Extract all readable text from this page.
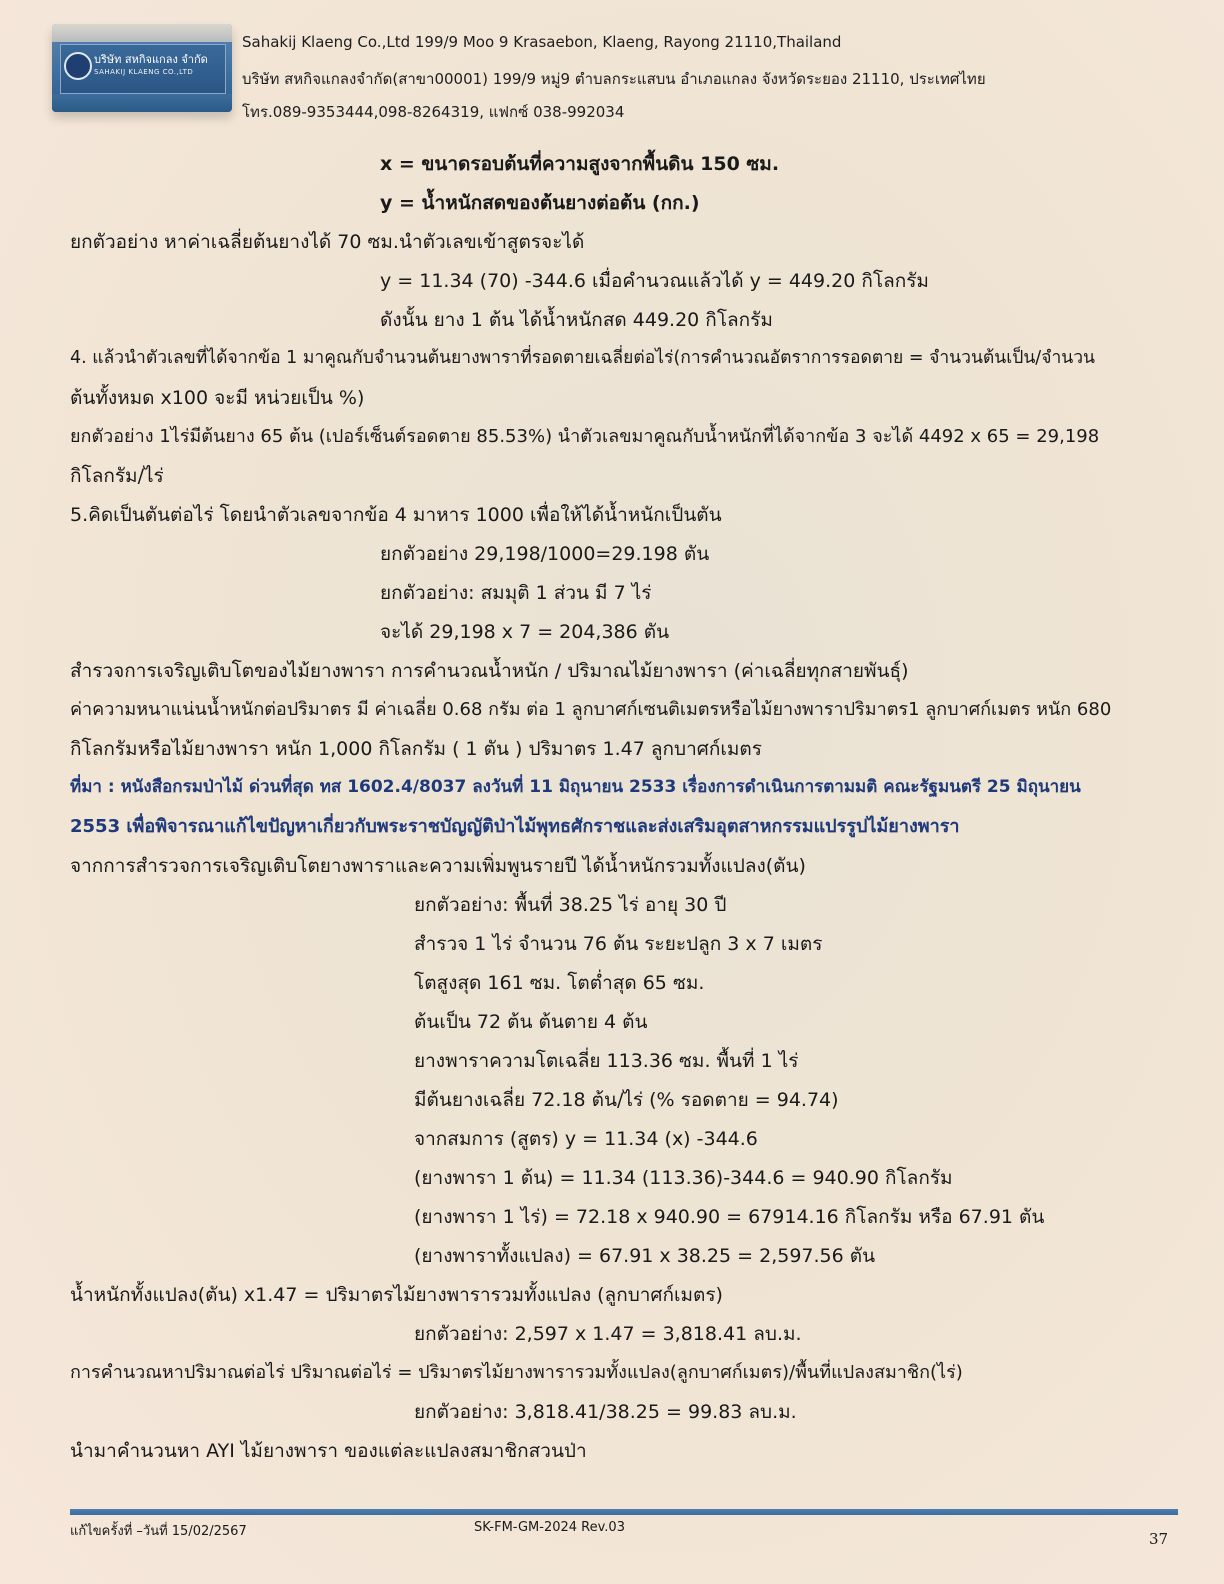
บริษัท สหกิจแกลง จำกัด
SAHAKIJ KLAENG CO.,LTD
Sahakij Klaeng Co.,Ltd 199/9 Moo 9 Krasaebon, Klaeng, Rayong 21110,Thailand
บริษัท สหกิจแกลงจำกัด(สาขา00001) 199/9 หมู่9 ตำบลกระแสบน อำเภอแกลง จังหวัดระยอง 21110, ประเทศไทย
โทร.089-9353444,098-8264319, แฟกซ์ 038-992034
x = ขนาดรอบต้นที่ความสูงจากพื้นดิน 150 ซม.
y = น้ำหนักสดของต้นยางต่อต้น (กก.)
ยกตัวอย่าง หาค่าเฉลี่ยต้นยางได้ 70 ซม.นำตัวเลขเข้าสูตรจะได้
y = 11.34 (70) -344.6 เมื่อคำนวณแล้วได้ y = 449.20 กิโลกรัม
ดังนั้น ยาง 1 ต้น ได้น้ำหนักสด 449.20 กิโลกรัม
4. แล้วนำตัวเลขที่ได้จากข้อ 1 มาคูณกับจำนวนต้นยางพาราที่รอดตายเฉลี่ยต่อไร่(การคำนวณอัตราการรอดตาย = จำนวนต้นเป็น/จำนวน
ต้นทั้งหมด x100 จะมี หน่วยเป็น %)
ยกตัวอย่าง 1ไร่มีต้นยาง 65 ต้น (เปอร์เซ็นต์รอดตาย 85.53%) นำตัวเลขมาคูณกับน้ำหนักที่ได้จากข้อ 3 จะได้ 4492 x 65 = 29,198
กิโลกรัม/ไร่
5.คิดเป็นตันต่อไร่ โดยนำตัวเลขจากข้อ 4 มาหาร 1000 เพื่อให้ได้น้ำหนักเป็นตัน
ยกตัวอย่าง 29,198/1000=29.198 ตัน
ยกตัวอย่าง: สมมุติ 1 ส่วน มี 7 ไร่
จะได้ 29,198 x 7 = 204,386 ตัน
สำรวจการเจริญเติบโตของไม้ยางพารา การคำนวณน้ำหนัก / ปริมาณไม้ยางพารา (ค่าเฉลี่ยทุกสายพันธุ์)
ค่าความหนาแน่นน้ำหนักต่อปริมาตร มี ค่าเฉลี่ย 0.68 กรัม ต่อ 1 ลูกบาศก์เซนติเมตรหรือไม้ยางพาราปริมาตร1 ลูกบาศก์เมตร หนัก 680
กิโลกรัมหรือไม้ยางพารา หนัก 1,000 กิโลกรัม ( 1 ตัน ) ปริมาตร 1.47 ลูกบาศก์เมตร
ที่มา : หนังสือกรมป่าไม้ ด่วนที่สุด ทส 1602.4/8037 ลงวันที่ 11 มิถุนายน 2533 เรื่องการดำเนินการตามมติ คณะรัฐมนตรี 25 มิถุนายน
2553 เพื่อพิจารณาแก้ไขปัญหาเกี่ยวกับพระราชบัญญัติป่าไม้พุทธศักราชและส่งเสริมอุตสาหกรรมแปรรูปไม้ยางพารา
จากการสำรวจการเจริญเติบโตยางพาราและความเพิ่มพูนรายปี ได้น้ำหนักรวมทั้งแปลง(ตัน)
ยกตัวอย่าง: พื้นที่ 38.25 ไร่ อายุ 30 ปี
สำรวจ 1 ไร่ จำนวน 76 ต้น ระยะปลูก 3 x 7 เมตร
โตสูงสุด 161 ซม. โตต่ำสุด 65 ซม.
ต้นเป็น 72 ต้น ต้นตาย 4 ต้น
ยางพาราความโตเฉลี่ย 113.36 ซม. พื้นที่ 1 ไร่
มีต้นยางเฉลี่ย 72.18 ต้น/ไร่ (% รอดตาย = 94.74)
จากสมการ (สูตร) y = 11.34 (x) -344.6
(ยางพารา 1 ต้น) = 11.34 (113.36)-344.6 = 940.90 กิโลกรัม
(ยางพารา 1 ไร่) = 72.18 x 940.90 = 67914.16 กิโลกรัม หรือ 67.91 ตัน
(ยางพาราทั้งแปลง) = 67.91 x 38.25 = 2,597.56 ตัน
น้ำหนักทั้งแปลง(ตัน) x1.47 = ปริมาตรไม้ยางพารารวมทั้งแปลง (ลูกบาศก์เมตร)
ยกตัวอย่าง: 2,597 x 1.47 = 3,818.41 ลบ.ม.
การคำนวณหาปริมาณต่อไร่ ปริมาณต่อไร่ = ปริมาตรไม้ยางพารารวมทั้งแปลง(ลูกบาศก์เมตร)/พื้นที่แปลงสมาชิก(ไร่)
ยกตัวอย่าง: 3,818.41/38.25 = 99.83 ลบ.ม.
นำมาคำนวนหา AYI ไม้ยางพารา ของแต่ละแปลงสมาชิกสวนป่า
แก้ไขครั้งที่ –วันที่ 15/02/2567	SK-FM-GM-2024 Rev.03
37
